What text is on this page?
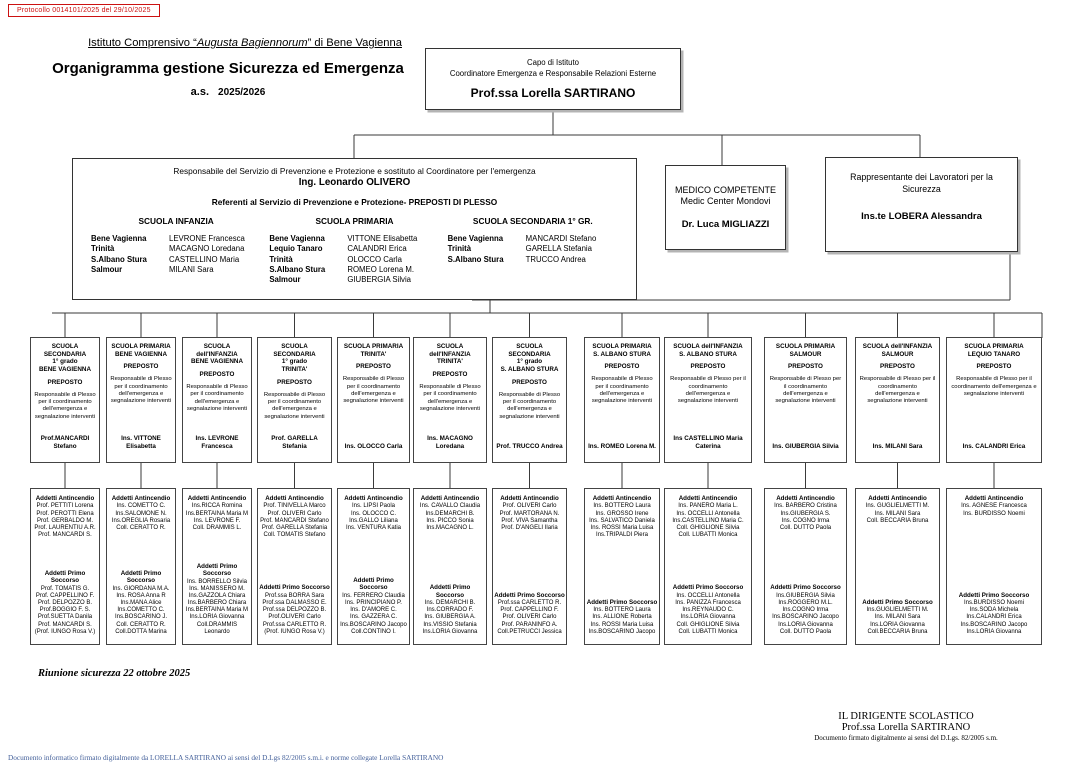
Protocollo 0014101/2025 del 29/10/2025
Istituto Comprensivo “Augusta Bagiennorum” di Bene Vagienna
Organigramma gestione Sicurezza ed Emergenza
a.s. 2025/2026
Capo di Istituto
Coordinatore Emergenza e Responsabile Relazioni Esterne
Prof.ssa Lorella SARTIRANO
Responsabile del Servizio di Prevenzione e Protezione e sostituto al Coordinatore per l'emergenza
Ing. Leonardo OLIVERO
Referenti al Servizio di Prevenzione e Protezione- PREPOSTI DI PLESSO
SCUOLA INFANZIA
Bene Vagienna	LEVRONE Francesca
Trinità	MACAGNO Loredana
S.Albano Stura	CASTELLINO Maria
Salmour	MILANI Sara
SCUOLA PRIMARIA
Bene Vagienna	VITTONE Elisabetta
Lequio Tanaro	CALANDRI Erica
Trinità	OLOCCO Carla
S.Albano Stura	ROMEO Lorena M.
Salmour	GIUBERGIA Silvia
SCUOLA SECONDARIA 1° GR.
Bene Vagienna	MANCARDI Stefano
Trinità	GARELLA Stefania
S.Albano Stura	TRUCCO Andrea
MEDICO COMPETENTE
Medic Center Mondovi
Dr. Luca MIGLIAZZI
Rappresentante dei Lavoratori per la Sicurezza
Ins.te LOBERA Alessandra
SCUOLA
SECONDARIA
1° grado
BENE VAGIENNA
PREPOSTO
Responsabile di Plesso per il coordinamento dell'emergenza e segnalazione interventi
Prof.MANCARDI Stefano
Addetti Antincendio
Prof. PETTITI Lorena
Prof. PEROTTI Elena
Prof. GERBALDO M.
Prof. LAURENTIU A.R.
Prof. MANCARDI S.
Addetti Primo Soccorso
Prof. TOMATIS G.
Prof. CAPPELLINO F.
Prof. DELPOZZO B.
Prof.BOGGIO F. S.
Prof.SUETTA Danila
Prof. MANCARDI S.
(Prof. IUNGO Rosa V.)
SCUOLA PRIMARIA
BENE VAGIENNA
PREPOSTO
Responsabile di Plesso per il coordinamento dell'emergenza e segnalazione interventi
Ins. VITTONE Elisabetta
Addetti Antincendio
Ins. COMETTO C.
Ins.SALOMONE N.
Ins.OREGLIA Rosaria
Coll. CERATTO R.
Addetti Primo Soccorso
Ins. GIORDANA M.A.
Ins. ROSA Anna R
Ins.MANA Alice
Ins.COMETTO C.
Ins.BOSCARINO J.
Coll. CERATTO R.
Coll.DOTTA Marina
SCUOLA
dell'INFANZIA
BENE VAGIENNA
PREPOSTO
Responsabile di Plesso per il coordinamento dell'emergenza e segnalazione interventi
Ins. LEVRONE Francesca
Addetti Antincendio
Ins.RICCA Romina
Ins.BERTAINA Maria M
Ins. LEVRONE F.
Coll. DRAMMIS L.
Addetti Primo Soccorso
Ins. BORRELLO Silvia
Ins. MANISSERO M.
Ins.GAZZOLA Chiara
Ins.BARBERO Chiara
Ins.BERTAINA Maria M
Ins.LORIA Giovanna
Coll.DRAMMIS Leonardo
SCUOLA
SECONDARIA
1° grado
TRINITA'
PREPOSTO
Responsabile di Plesso per il coordinamento dell'emergenza e segnalazione interventi
Prof. GARELLA Stefania
Addetti Antincendio
Prof. TINIVELLA Marco
Prof. OLIVERI Carlo
Prof. MANCARDI Stefano
Prof. GARELLA Stefania
Coll. TOMATIS Stefano
Addetti Primo Soccorso
Prof.ssa BORRA Sara
Prof.ssa DALMASSO E.
Prof.ssa DELPOZZO B.
Prof.OLIVERI Carlo
Prof.ssa CARLETTO R.
(Prof. IUNGO Rosa V.)
SCUOLA PRIMARIA
TRINITA'
PREPOSTO
Responsabile di Plesso per il coordinamento dell'emergenza e segnalazione interventi
Ins. OLOCCO Carla
Addetti Antincendio
Ins. LIPSI Paola
Ins. OLOCCO C.
Ins.GALLO Liliana
Ins. VENTURA Katia
Addetti Primo Soccorso
Ins. FERRERO Claudia
Ins. PRINCIPIANO P.
Ins. D'AMORE C.
Ins. GAZZERA C.
Ins.BOSCARINO Jacopo
Coll.CONTINO I.
SCUOLA
dell'INFANZIA
TRINITA'
PREPOSTO
Responsabile di Plesso per il coordinamento dell'emergenza e segnalazione interventi
Ins. MACAGNO Loredana
Addetti Antincendio
Ins. CAVALLO Claudia
Ins.DEMARCHI B.
Ins. PICCO Sonia
Ins.MACAGNO L.
Addetti Primo Soccorso
Ins. DEMARCHI B.
Ins.CORRADO F.
Ins. GIUBERGIA A.
Ins.VISSIO Stefania
Ins.LORIA Giovanna
SCUOLA
SECONDARIA
1° grado
S. ALBANO STURA
PREPOSTO
Responsabile di Plesso per il coordinamento dell'emergenza e segnalazione interventi
Prof. TRUCCO Andrea
Addetti Antincendio
Prof. OLIVERI Carlo
Prof. MARTORANA N.
Prof. VIVA Samantha
Prof. D'ANGELI Ilaria
Addetti Primo Soccorso
Prof.ssa CARLETTO R.
Prof. CAPPELLINO F.
Prof. OLIVERI Carlo
Prof. PARANINFO A.
Coll.PETRUCCI Jessica
SCUOLA PRIMARIA
S. ALBANO STURA
PREPOSTO
Responsabile di Plesso per il coordinamento dell'emergenza e segnalazione interventi
Ins. ROMEO Lorena M.
Addetti Antincendio
Ins. BOTTERO Laura
Ins. GROSSO Irene
Ins. SALVATICO Daniela
Ins. ROSSI Maria Luisa
Ins.TRIPALDI Piera
Addetti Primo Soccorso
Ins. BOTTERO Laura
Ins. ALLIONE Roberta
Ins. ROSSI Maria Luisa
Ins.BOSCARINO Jacopo
SCUOLA dell'INFANZIA
S. ALBANO STURA
PREPOSTO
Responsabile di Plesso per il coordinamento dell'emergenza e segnalazione interventi
Ins CASTELLINO Maria Caterina
Addetti Antincendio
Ins. PANERO Maria L.
Ins. OCCELLI Antonella
Ins.CASTELLINO Maria C.
Coll. GHIGLIONE Silvia
Coll. LUBATTI Monica
Addetti Primo Soccorso
Ins. OCCELLI Antonella
Ins. PANIZZA Francesca
Ins.REYNAUDO C.
Ins.LORIA Giovanna
Coll. GHIGLIONE Silvia
Coll. LUBATTI Monica
SCUOLA PRIMARIA
SALMOUR
PREPOSTO
Responsabile di Plesso per il coordinamento dell'emergenza e segnalazione interventi
Ins. GIUBERGIA Silvia
Addetti Antincendio
Ins. BARBERO Cristina
Ins.GIUBERGIA S.
Ins. COGNO Irma
Coll. DUTTO Paola
Addetti Primo Soccorso
Ins.GIUBERGIA Silvia
Ins.ROGGERO M.L.
Ins.COGNO Irma
Ins.BOSCARINO Jacopo
Ins.LORIA Giovanna
Coll. DUTTO Paola
SCUOLA dell'INFANZIA
SALMOUR
PREPOSTO
Responsabile di Plesso per il coordinamento dell'emergenza e segnalazione interventi
Ins. MILANI Sara
Addetti Antincendio
Ins. GUGLIELMETTI M.
Ins. MILANI Sara
Coll. BECCARIA Bruna
Addetti Primo Soccorso
Ins.GUGLIELMETTI M.
Ins. MILANI Sara
Ins.LORIA Giovanna
Coll.BECCARIA Bruna
SCUOLA PRIMARIA
LEQUIO TANARO
PREPOSTO
Responsabile di Plesso per il coordinamento dell'emergenza e segnalazione interventi
Ins. CALANDRI Erica
Addetti Antincendio
Ins. AGNESE Francesca
Ins. BURDISSO Noemi
Addetti Primo Soccorso
Ins.BURDISSO Noemi
Ins.SODA Michela
Ins.CALANDRI Erica
Ins.BOSCARINO Jacopo
Ins.LORIA Giovanna
Riunione sicurezza 22 ottobre 2025
IL DIRIGENTE SCOLASTICO
Prof.ssa Lorella SARTIRANO
Documento firmato digitalmente ai sensi del D.Lgs. 82/2005 s.m.
Documento informatico firmato digitalmente da LORELLA SARTIRANO ai sensi del D.Lgs 82/2005 s.m.i. e norme collegate Lorella SARTIRANO
